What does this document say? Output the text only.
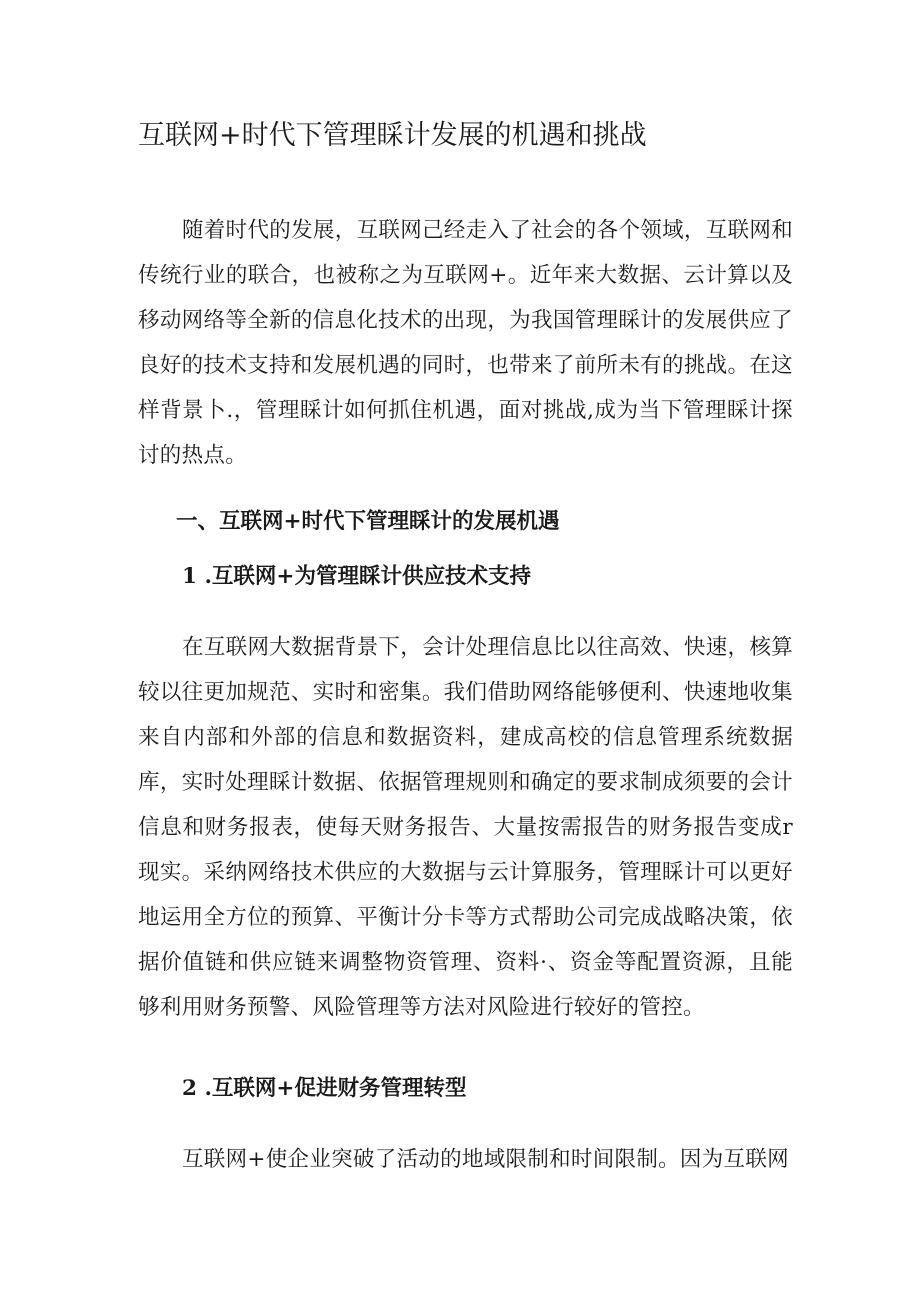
互联网+时代下管理睬计发展的机遇和挑战

随着时代的发展，互联网己经走入了社会的各个领域，互联网和传统行业的联合，也被称之为互联网+。近年来大数据、云计算以及移动网络等全新的信息化技术的出现，为我国管理睬计的发展供应了良好的技术支持和发展机遇的同时，也带来了前所未有的挑战。在这样背景卜.，管理睬计如何抓住机遇，面对挑战,成为当下管理睬计探讨的热点。

一、互联网+时代下管理睬计的发展机遇
1 .互联网+为管理睬计供应技术支持

在互联网大数据背景下，会计处理信息比以往高效、快速，核算较以往更加规范、实时和密集。我们借助网络能够便利、快速地收集来自内部和外部的信息和数据资料，建成高校的信息管理系统数据库，实时处理睬计数据、依据管理规则和确定的要求制成须要的会计信息和财务报表，使每天财务报告、大量按需报告的财务报告变成r现实。采纳网络技术供应的大数据与云计算服务，管理睬计可以更好地运用全方位的预算、平衡计分卡等方式帮助公司完成战略决策，依据价值链和供应链来调整物资管理、资料·、资金等配置资源，且能够利用财务预警、风险管理等方法对风险进行较好的管控。

2 .互联网+促进财务管理转型

互联网+使企业突破了活动的地域限制和时间限制。因为互联网
